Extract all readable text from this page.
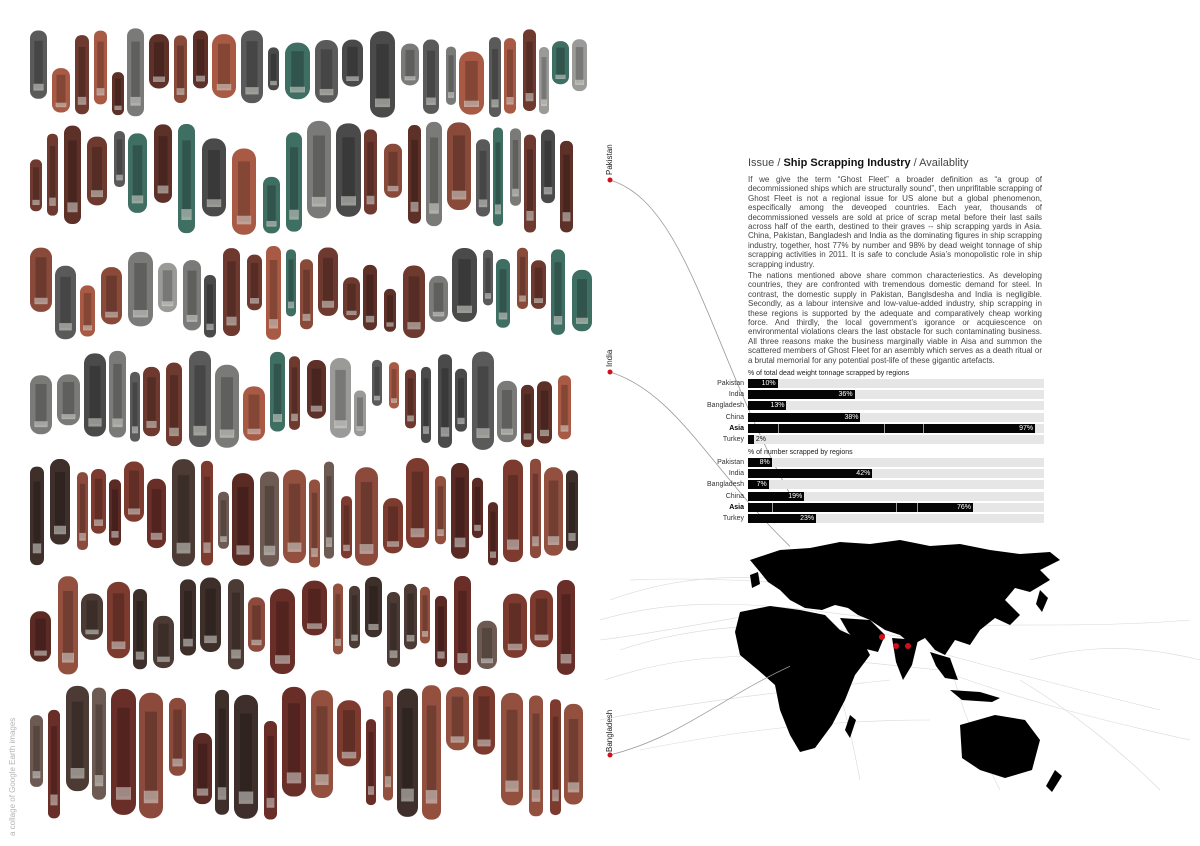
a collage of Google Earth images
Pakistan
India
Bangladesh
Issue / Ship Scrapping Industry / Availablity

If we give the term “Ghost Fleet” a broader definition as “a group of decommissioned ships which are structurally sound”, then unprifitable scrapping of Ghost Fleet is not a regional issue for US alone but a global phenomenon, especifically among the deveoped countries. Each year, thousands of decommissioned vessels are sold at price of scrap metal before their last sails across half of the earth, destined to their graves -- ship scrapping yards in Asia. China, Pakistan, Bangladesh and India as the dominating figures in ship scrapping industry, together, host 77% by number and 98% by dead weight tonnage of ship scrapping activities in 2011. It is safe to conclude Asia’s monopolistic role in ship scrapping industry.

The nations mentioned above share common characteriestics. As developing countries, they are confronted with tremendous domestic demand for steel. In contrast, the domestic supply in Pakistan, Banglsdesha and India is negligible. Secondly, as a labour intensive and low-value-added industry, ship scrapping in these regions is supported by the adequate and comparatively cheap working force. And thirdly, the local government’s igorance or acquiescence on environmental violations clears the last obstacle for such contaminating business. All three reasons make the business marginally viable in Aisa and summon the scattered members of Ghost Fleet for an asembly which serves as a death ritual or a brutal memorial for any potential post-life of these gigantic artefacts.

% of total dead weight tonnage scrapped by regions
Pakistan	10%
India	36%
Bangladesh	13%
China	38%
Asia	97%
Turkey 2%
% of number scrapped by regions
Pakistan	8%
India	42%
Bangladesh	7%
China	19%
Asia	76%
Turkey	23%
